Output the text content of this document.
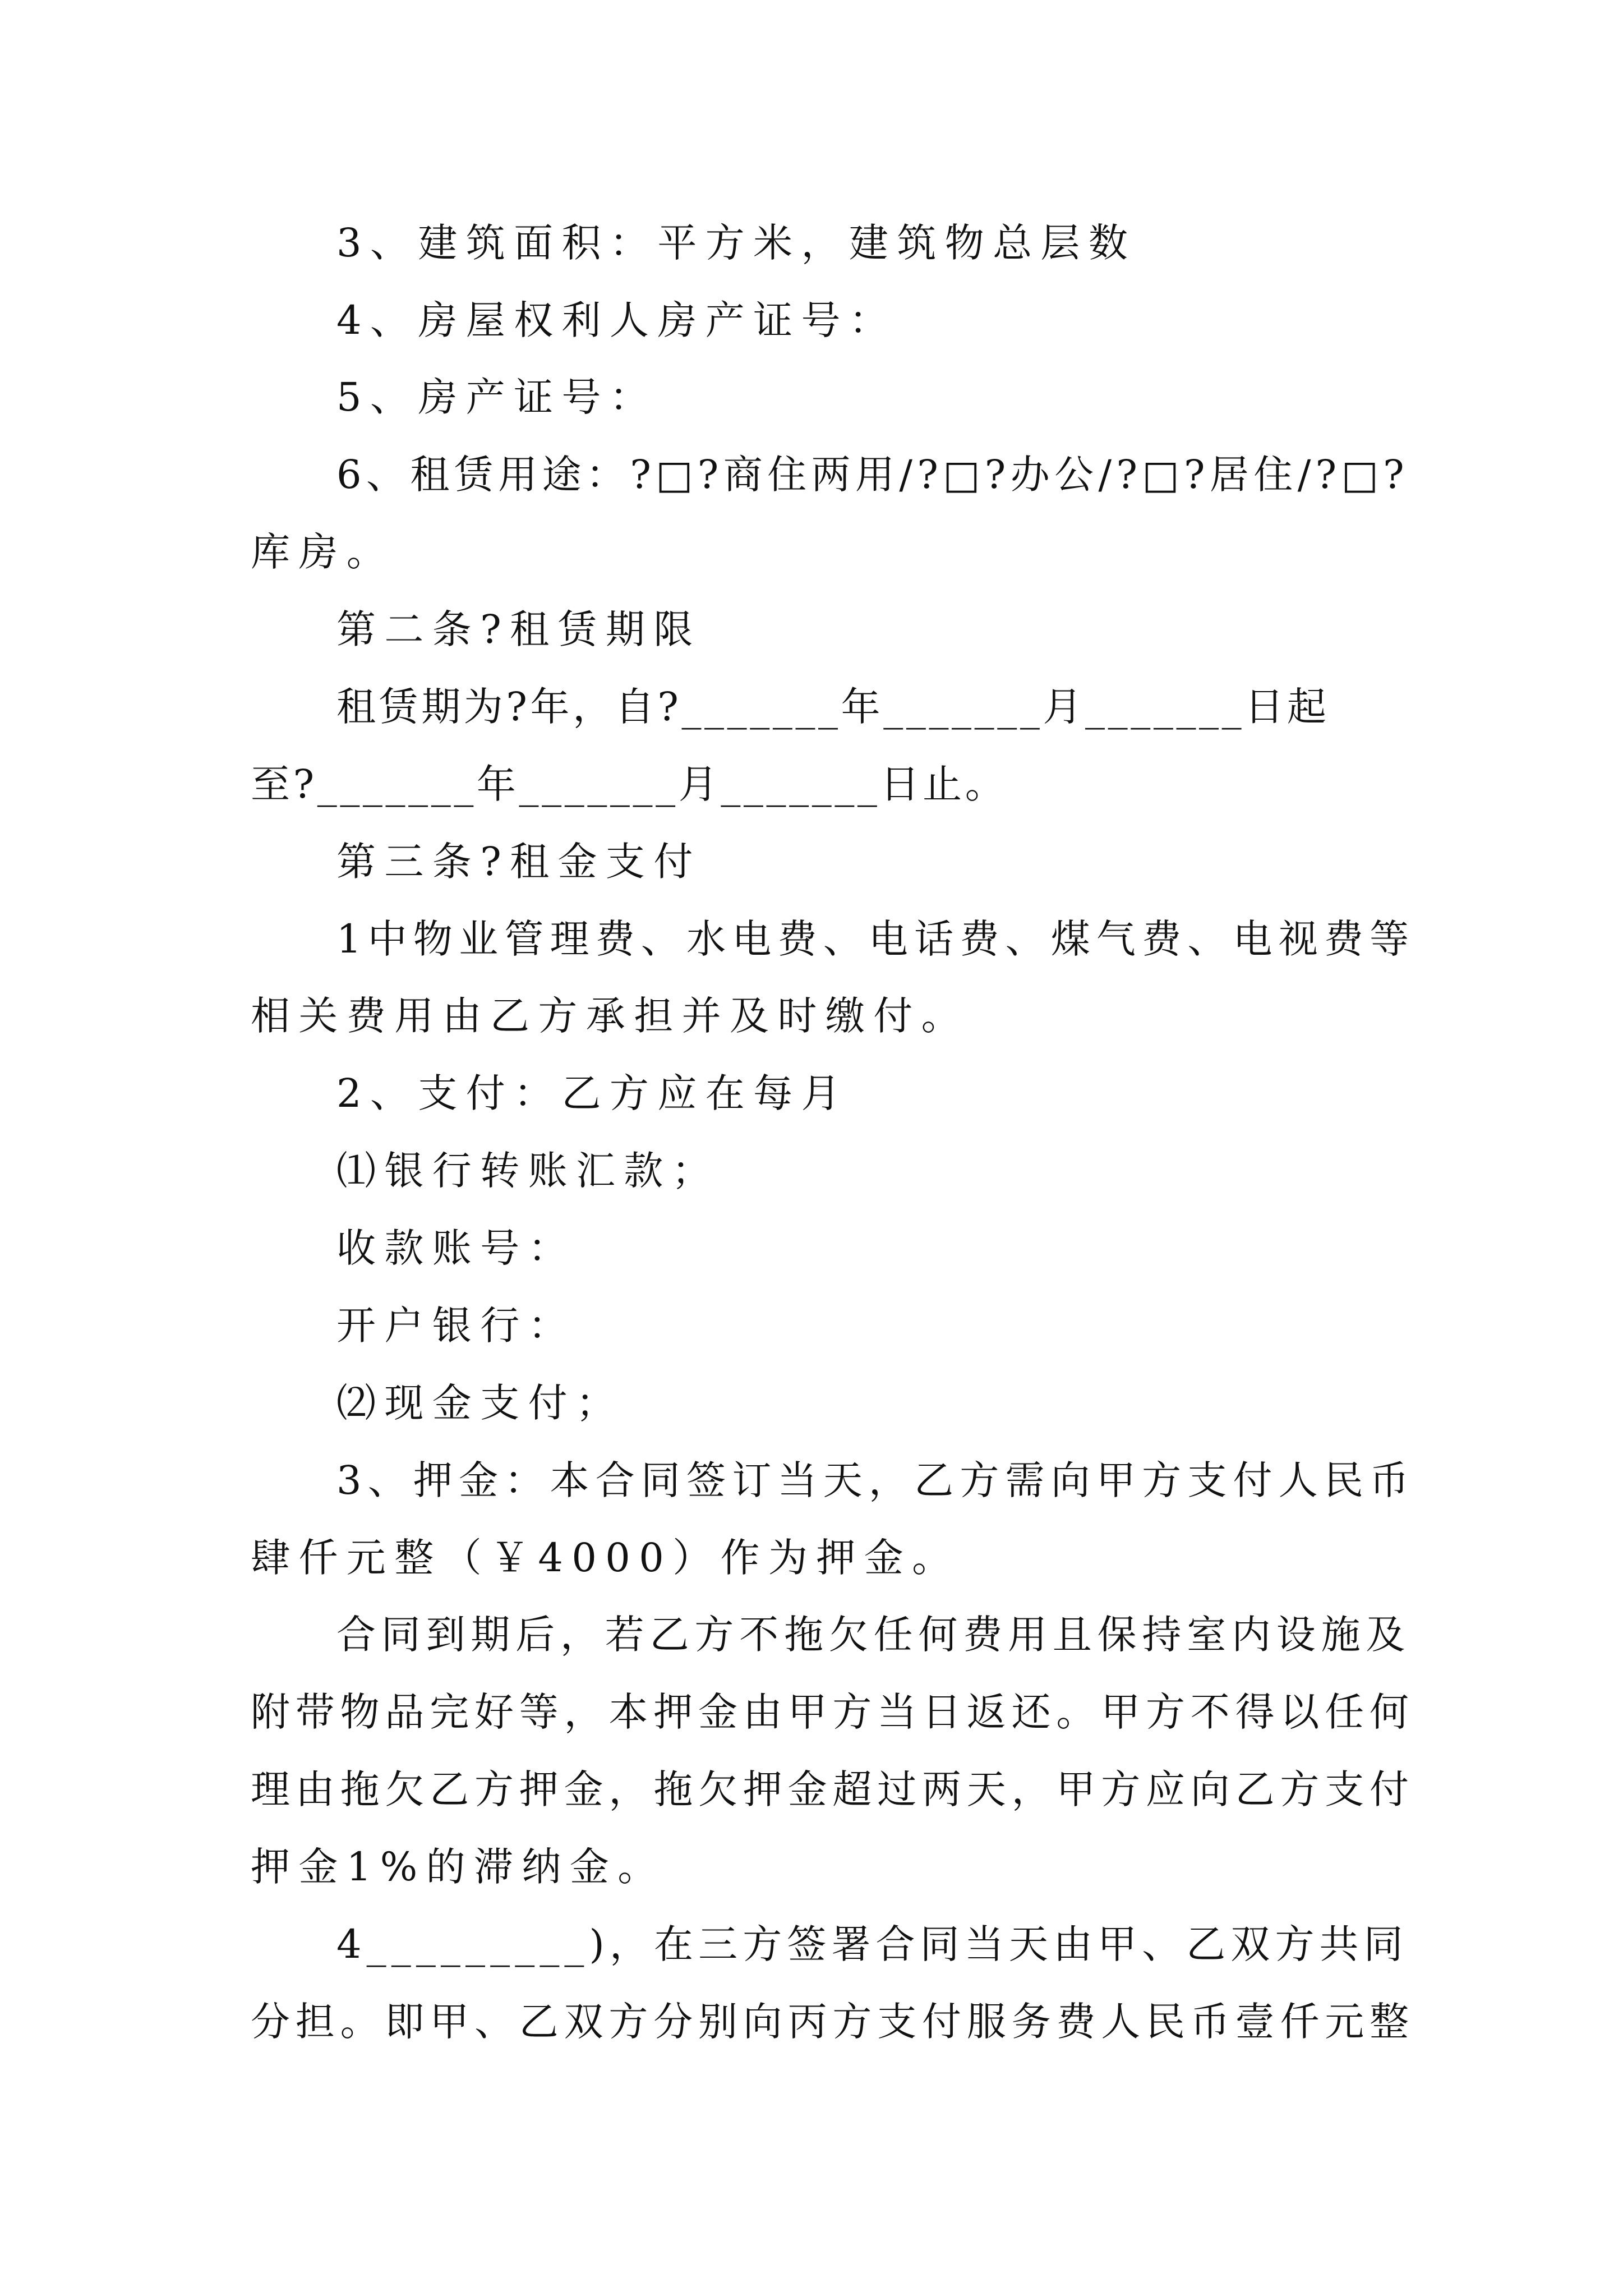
3、建筑面积：平方米，建筑物总层数
4、房屋权利人房产证号：
5、房产证号：
6、租赁用途：?□?商住两用/?□?办公/?□?居住/?□?
库房。
第二条?租赁期限
租赁期为?年，自?_______年_______月_______日起
至?_______年_______月_______日止。
第三条?租金支付
1中物业管理费、水电费、电话费、煤气费、电视费等
相关费用由乙方承担并及时缴付。
2、支付：乙方应在每月
⑴银行转账汇款；
收款账号：
开户银行：
⑵现金支付；
3、押金：本合同签订当天，乙方需向甲方支付人民币
肆仟元整（￥4000）作为押金。
合同到期后，若乙方不拖欠任何费用且保持室内设施及
附带物品完好等，本押金由甲方当日返还。甲方不得以任何
理由拖欠乙方押金，拖欠押金超过两天，甲方应向乙方支付
押金1%的滞纳金。
4_________)，在三方签署合同当天由甲、乙双方共同
分担。即甲、乙双方分别向丙方支付服务费人民币壹仟元整
